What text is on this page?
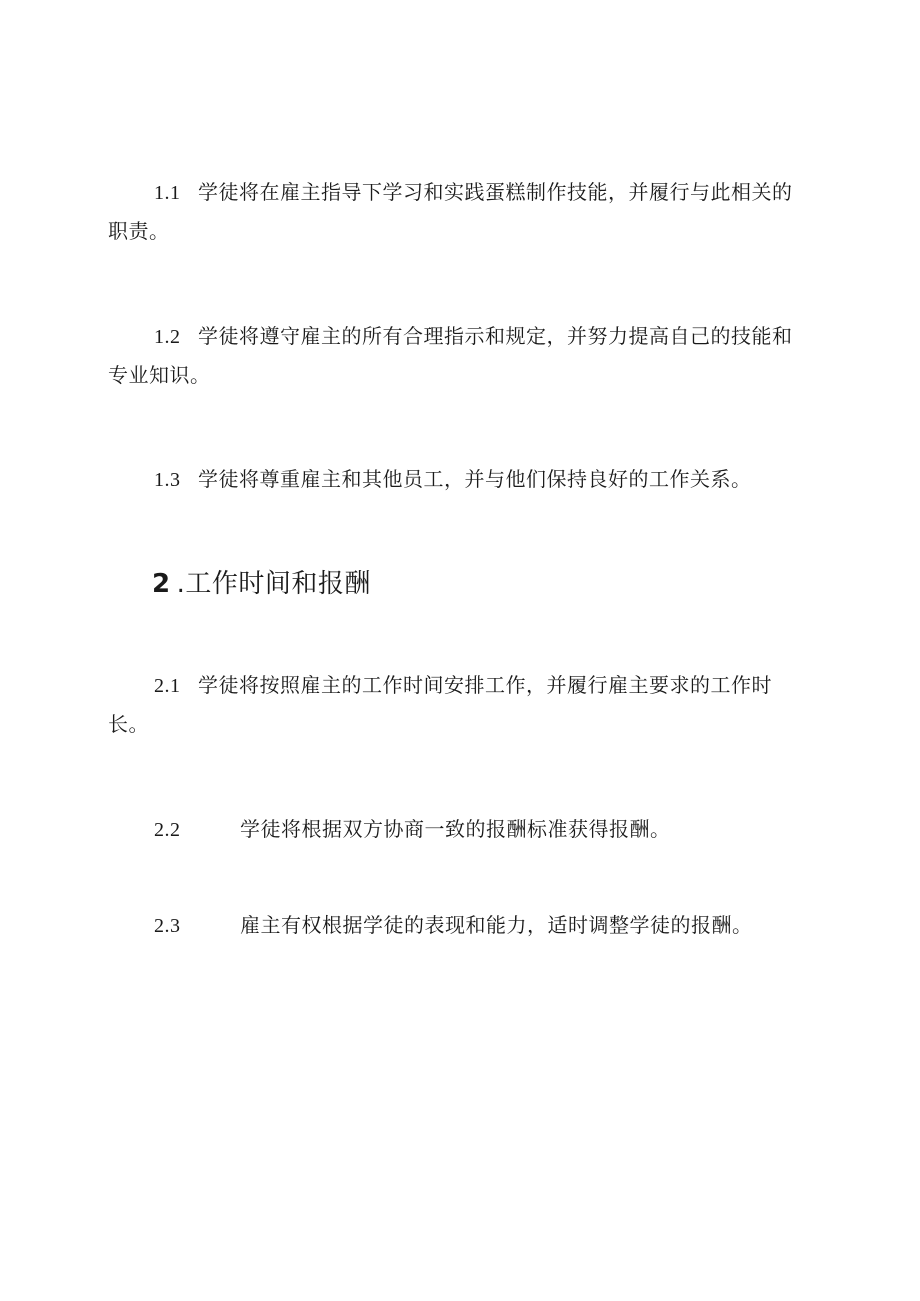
1.1 学徒将在雇主指导下学习和实践蛋糕制作技能，并履行与此相关的职责。

1.2 学徒将遵守雇主的所有合理指示和规定，并努力提高自己的技能和专业知识。

1.3 学徒将尊重雇主和其他员工，并与他们保持良好的工作关系。

2 .工作时间和报酬

2.1 学徒将按照雇主的工作时间安排工作，并履行雇主要求的工作时长。

2.2	学徒将根据双方协商一致的报酬标准获得报酬。

2.3	雇主有权根据学徒的表现和能力，适时调整学徒的报酬。
